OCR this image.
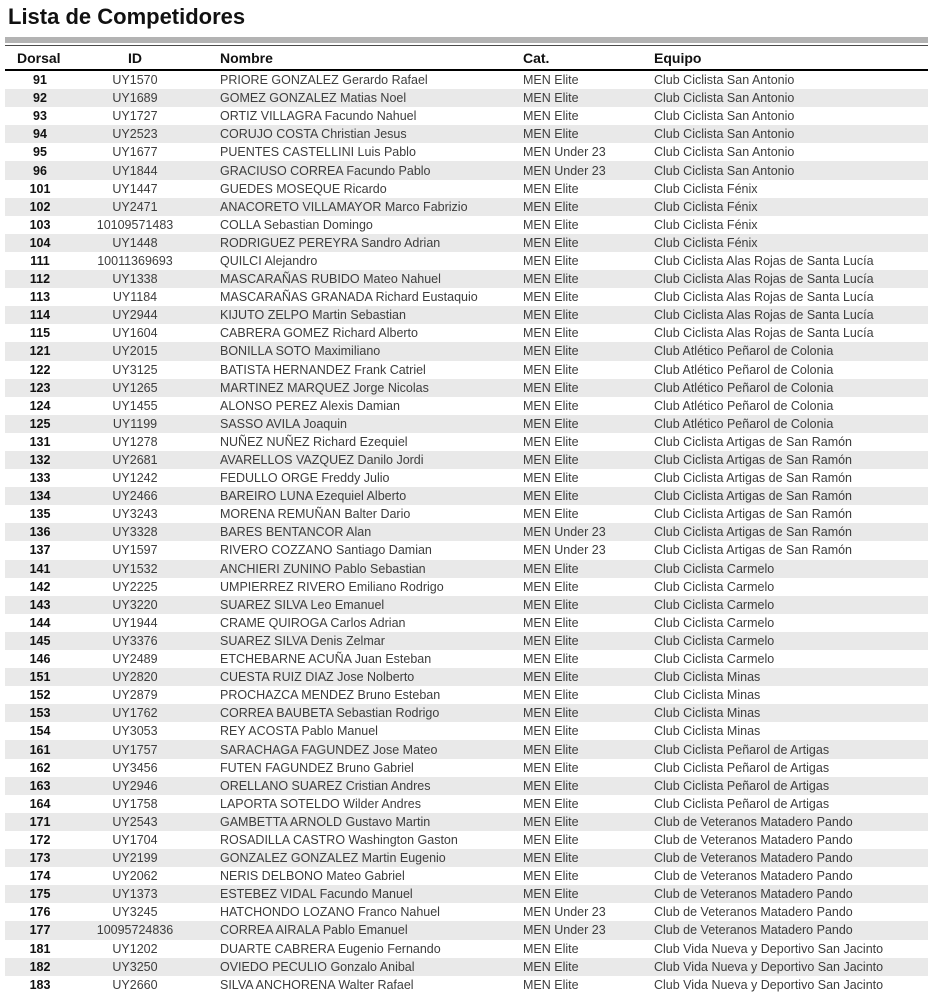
Lista de Competidores
Dorsal	ID	Nombre	Cat.	Equipo
91	UY1570	PRIORE GONZALEZ Gerardo Rafael	MEN Elite	Club Ciclista San Antonio
92	UY1689	GOMEZ GONZALEZ Matias Noel	MEN Elite	Club Ciclista San Antonio
93	UY1727	ORTIZ VILLAGRA Facundo Nahuel	MEN Elite	Club Ciclista San Antonio
94	UY2523	CORUJO COSTA Christian Jesus	MEN Elite	Club Ciclista San Antonio
95	UY1677	PUENTES CASTELLINI Luis Pablo	MEN Under 23	Club Ciclista San Antonio
96	UY1844	GRACIUSO CORREA Facundo Pablo	MEN Under 23	Club Ciclista San Antonio
101	UY1447	GUEDES MOSEQUE Ricardo	MEN Elite	Club Ciclista Fénix
102	UY2471	ANACORETO VILLAMAYOR Marco Fabrizio	MEN Elite	Club Ciclista Fénix
103	10109571483	COLLA Sebastian Domingo	MEN Elite	Club Ciclista Fénix
104	UY1448	RODRIGUEZ PEREYRA Sandro Adrian	MEN Elite	Club Ciclista Fénix
111	10011369693	QUILCI Alejandro	MEN Elite	Club Ciclista Alas Rojas de Santa Lucía
112	UY1338	MASCARAÑAS RUBIDO Mateo Nahuel	MEN Elite	Club Ciclista Alas Rojas de Santa Lucía
113	UY1184	MASCARAÑAS GRANADA Richard Eustaquio	MEN Elite	Club Ciclista Alas Rojas de Santa Lucía
114	UY2944	KIJUTO ZELPO Martin Sebastian	MEN Elite	Club Ciclista Alas Rojas de Santa Lucía
115	UY1604	CABRERA GOMEZ Richard Alberto	MEN Elite	Club Ciclista Alas Rojas de Santa Lucía
121	UY2015	BONILLA SOTO Maximiliano	MEN Elite	Club Atlético Peñarol de Colonia
122	UY3125	BATISTA HERNANDEZ Frank Catriel	MEN Elite	Club Atlético Peñarol de Colonia
123	UY1265	MARTINEZ MARQUEZ Jorge Nicolas	MEN Elite	Club Atlético Peñarol de Colonia
124	UY1455	ALONSO PEREZ Alexis Damian	MEN Elite	Club Atlético Peñarol de Colonia
125	UY1199	SASSO AVILA Joaquin	MEN Elite	Club Atlético Peñarol de Colonia
131	UY1278	NUÑEZ NUÑEZ Richard Ezequiel	MEN Elite	Club Ciclista Artigas de San Ramón
132	UY2681	AVARELLOS VAZQUEZ Danilo Jordi	MEN Elite	Club Ciclista Artigas de San Ramón
133	UY1242	FEDULLO ORGE Freddy Julio	MEN Elite	Club Ciclista Artigas de San Ramón
134	UY2466	BAREIRO LUNA Ezequiel Alberto	MEN Elite	Club Ciclista Artigas de San Ramón
135	UY3243	MORENA REMUÑAN Balter Dario	MEN Elite	Club Ciclista Artigas de San Ramón
136	UY3328	BARES BENTANCOR Alan	MEN Under 23	Club Ciclista Artigas de San Ramón
137	UY1597	RIVERO COZZANO Santiago Damian	MEN Under 23	Club Ciclista Artigas de San Ramón
141	UY1532	ANCHIERI ZUNINO Pablo Sebastian	MEN Elite	Club Ciclista Carmelo
142	UY2225	UMPIERREZ RIVERO Emiliano Rodrigo	MEN Elite	Club Ciclista Carmelo
143	UY3220	SUAREZ SILVA Leo Emanuel	MEN Elite	Club Ciclista Carmelo
144	UY1944	CRAME QUIROGA Carlos Adrian	MEN Elite	Club Ciclista Carmelo
145	UY3376	SUAREZ SILVA Denis Zelmar	MEN Elite	Club Ciclista Carmelo
146	UY2489	ETCHEBARNE ACUÑA Juan Esteban	MEN Elite	Club Ciclista Carmelo
151	UY2820	CUESTA RUIZ DIAZ Jose Nolberto	MEN Elite	Club Ciclista Minas
152	UY2879	PROCHAZCA MENDEZ Bruno Esteban	MEN Elite	Club Ciclista Minas
153	UY1762	CORREA BAUBETA Sebastian Rodrigo	MEN Elite	Club Ciclista Minas
154	UY3053	REY ACOSTA Pablo Manuel	MEN Elite	Club Ciclista Minas
161	UY1757	SARACHAGA FAGUNDEZ Jose Mateo	MEN Elite	Club Ciclista Peñarol de Artigas
162	UY3456	FUTEN FAGUNDEZ Bruno Gabriel	MEN Elite	Club Ciclista Peñarol de Artigas
163	UY2946	ORELLANO SUAREZ Cristian Andres	MEN Elite	Club Ciclista Peñarol de Artigas
164	UY1758	LAPORTA SOTELDO Wilder Andres	MEN Elite	Club Ciclista Peñarol de Artigas
171	UY2543	GAMBETTA ARNOLD Gustavo Martin	MEN Elite	Club de Veteranos Matadero Pando
172	UY1704	ROSADILLA CASTRO Washington Gaston	MEN Elite	Club de Veteranos Matadero Pando
173	UY2199	GONZALEZ GONZALEZ Martin Eugenio	MEN Elite	Club de Veteranos Matadero Pando
174	UY2062	NERIS DELBONO Mateo Gabriel	MEN Elite	Club de Veteranos Matadero Pando
175	UY1373	ESTEBEZ VIDAL Facundo Manuel	MEN Elite	Club de Veteranos Matadero Pando
176	UY3245	HATCHONDO LOZANO Franco Nahuel	MEN Under 23	Club de Veteranos Matadero Pando
177	10095724836	CORREA AIRALA Pablo Emanuel	MEN Under 23	Club de Veteranos Matadero Pando
181	UY1202	DUARTE CABRERA Eugenio Fernando	MEN Elite	Club Vida Nueva y Deportivo San Jacinto
182	UY3250	OVIEDO PECULIO Gonzalo Anibal	MEN Elite	Club Vida Nueva y Deportivo San Jacinto
183	UY2660	SILVA ANCHORENA Walter Rafael	MEN Elite	Club Vida Nueva y Deportivo San Jacinto
